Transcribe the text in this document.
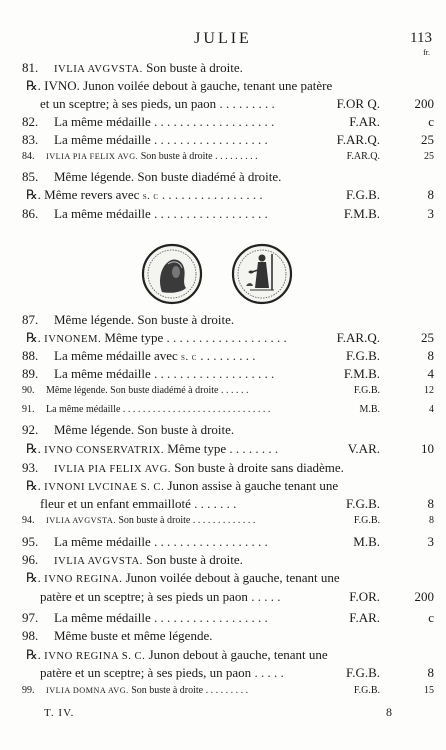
JULIE	113
fr.
81. IVLIA AVGVSTA. Son buste à droite.
℞. IVNO. Junon voilée debout à gauche, tenant une patère
et un sceptre; à ses pieds, un paon . . . . . . . . .	F.OR Q.	200
82. La même médaille . . . . . . . . . . . . . . . . . . .	F.AR.	c
83. La même médaille . . . . . . . . . . . . . . . . . .	F.AR.Q.	25
84. IVLIA PIA FELIX AVG. Son buste à droite . . . . . . . . .	F.AR.Q.	25
85. Même légende. Son buste diadémé à droite.
℞. Même revers avec s. c . . . . . . . . . . . . . . . .	F.G.B.	8
86. La même médaille . . . . . . . . . . . . . . . . . .	F.M.B.	3
87. Même légende. Son buste à droite.
℞. IVNONEM. Même type . . . . . . . . . . . . . . . . . . .	F.AR.Q.	25
88. La même médaille avec s. c . . . . . . . . .	F.G.B.	8
89. La même médaille . . . . . . . . . . . . . . . . . . .	F.M.B.	4
90. Même légende. Son buste diadémé à droite . . . . . .	F.G.B.	12
91. La même médaille . . . . . . . . . . . . . . . . . . . . . . . . . . . . . .	M.B.	4
92. Même légende. Son buste à droite.
℞. IVNO CONSERVATRIX. Même type . . . . . . . .	V.AR.	10
93. IVLIA PIA FELIX AVG. Son buste à droite sans diadème.
℞. IVNONI LVCINAE S. C. Junon assise à gauche tenant une
fleur et un enfant emmailloté . . . . . . .	F.G.B.	8
94. IVLIA AVGVSTA. Son buste à droite . . . . . . . . . . . . .	F.G.B.	8
95. La même médaille . . . . . . . . . . . . . . . . . .	M.B.	3
96. IVLIA AVGVSTA. Son buste à droite.
℞. IVNO REGINA. Junon voilée debout à gauche, tenant une
patère et un sceptre; à ses pieds un paon . . . . .	F.OR.	200
97. La même médaille . . . . . . . . . . . . . . . . . .	F.AR.	c
98. Même buste et même légende.
℞. IVNO REGINA S. C. Junon debout à gauche, tenant une
patère et un sceptre; à ses pieds, un paon . . . . .	F.G.B.	8
99. IVLIA DOMNA AVG. Son buste à droite . . . . . . . . .	F.G.B.	15
T. IV.	8
